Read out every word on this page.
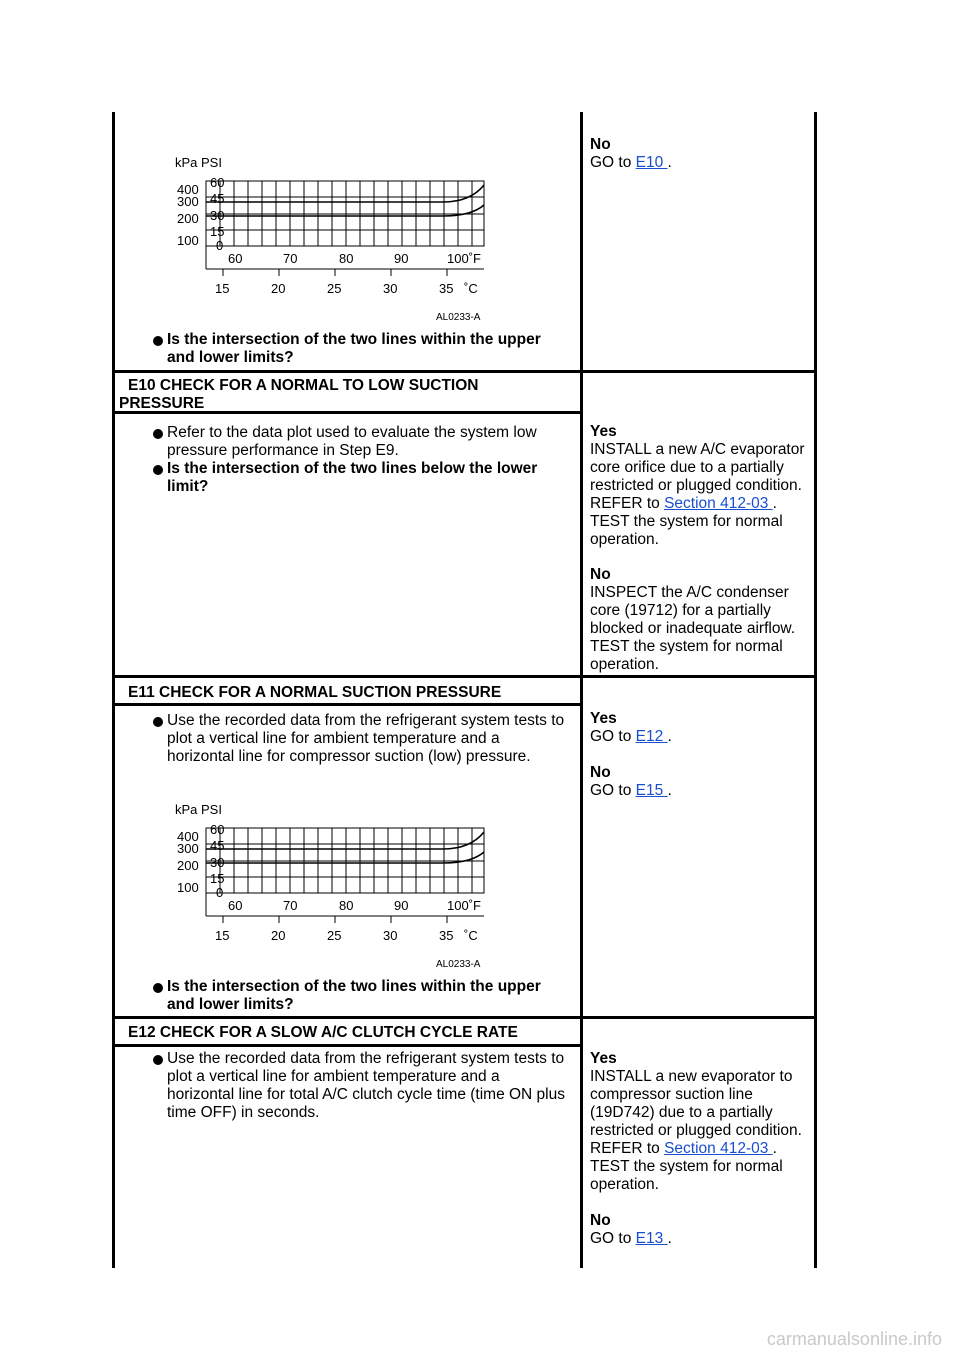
kPa PSI
400
300
200
100
60
45
30
15
0
60	70	80	90	100˚F
15	20	25	30	35 ˚C
AL0233-A
Is the intersection of the two lines within the upper and lower limits?
No
GO to E10 .
E10 CHECK FOR A NORMAL TO LOW SUCTION PRESSURE
Refer to the data plot used to evaluate the system low pressure performance in Step E9.
Is the intersection of the two lines below the lower limit?
Yes
INSTALL a new A/C evaporator core orifice due to a partially restricted or plugged condition. REFER to Section 412-03 . TEST the system for normal operation.
No
INSPECT the A/C condenser core (19712) for a partially blocked or inadequate airflow. TEST the system for normal operation.
E11 CHECK FOR A NORMAL SUCTION PRESSURE
Use the recorded data from the refrigerant system tests to plot a vertical line for ambient temperature and a horizontal line for compressor suction (low) pressure.
kPa PSI
400
300
200
100
60
45
30
15
0
60	70	80	90	100˚F
15	20	25	30	35 ˚C
AL0233-A
Is the intersection of the two lines within the upper and lower limits?
Yes
GO to E12 .
No
GO to E15 .
E12 CHECK FOR A SLOW A/C CLUTCH CYCLE RATE
Use the recorded data from the refrigerant system tests to plot a vertical line for ambient temperature and a horizontal line for total A/C clutch cycle time (time ON plus time OFF) in seconds.
Yes
INSTALL a new evaporator to compressor suction line (19D742) due to a partially restricted or plugged condition. REFER to Section 412-03 . TEST the system for normal operation.
No
GO to E13 .
carmanualsonline.info
